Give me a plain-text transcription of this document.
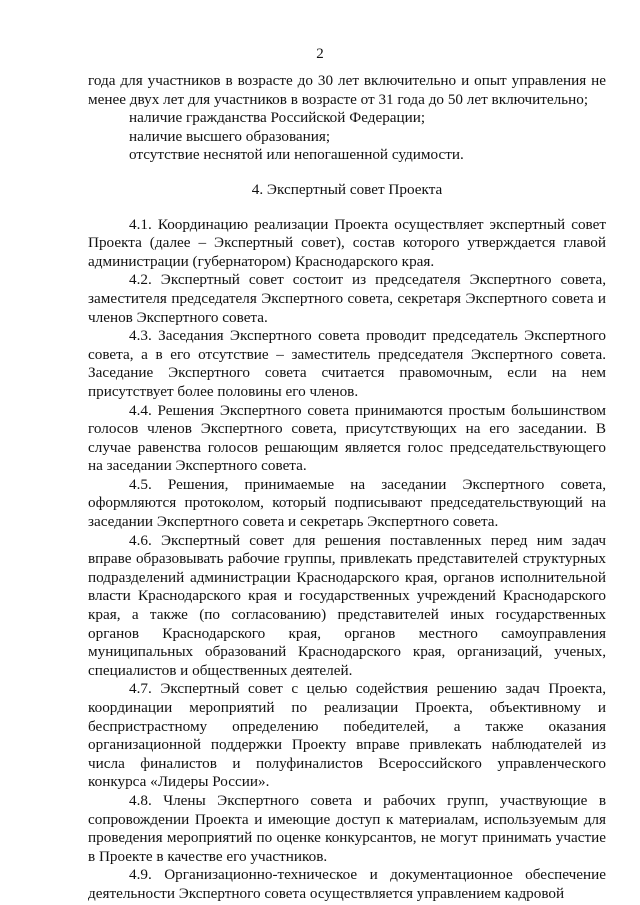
2

года для участников в возрасте до 30 лет включительно и опыт управления не менее двух лет для участников в возрасте от 31 года до 50 лет включительно;

наличие гражданства Российской Федерации;

наличие высшего образования;

отсутствие неснятой или непогашенной судимости.

4. Экспертный совет Проекта

4.1. Координацию реализации Проекта осуществляет экспертный совет Проекта (далее – Экспертный совет), состав которого утверждается главой администрации (губернатором) Краснодарского края.

4.2. Экспертный совет состоит из председателя Экспертного совета, заместителя председателя Экспертного совета, секретаря Экспертного совета и членов Экспертного совета.

4.3. Заседания Экспертного совета проводит председатель Экспертного совета, а в его отсутствие – заместитель председателя Экспертного совета. Заседание Экспертного совета считается правомочным, если на нем присутствует более половины его членов.

4.4. Решения Экспертного совета принимаются простым большинством голосов членов Экспертного совета, присутствующих на его заседании. В случае равенства голосов решающим является голос председательствующего на заседании Экспертного совета.

4.5. Решения, принимаемые на заседании Экспертного совета, оформляются протоколом, который подписывают председательствующий на заседании Экспертного совета и секретарь Экспертного совета.

4.6. Экспертный совет для решения поставленных перед ним задач вправе образовывать рабочие группы, привлекать представителей структурных подразделений администрации Краснодарского края, органов исполнительной власти Краснодарского края и государственных учреждений Краснодарского края, а также (по согласованию) представителей иных государственных органов Краснодарского края, органов местного самоуправления муниципальных образований Краснодарского края, организаций, ученых, специалистов и общественных деятелей.

4.7. Экспертный совет с целью содействия решению задач Проекта, координации мероприятий по реализации Проекта, объективному и беспристрастному определению победителей, а также оказания организационной поддержки Проекту вправе привлекать наблюдателей из числа финалистов и полуфиналистов Всероссийского управленческого конкурса «Лидеры России».

4.8. Члены Экспертного совета и рабочих групп, участвующие в сопровождении Проекта и имеющие доступ к материалам, используемым для проведения мероприятий по оценке конкурсантов, не могут принимать участие в Проекте в качестве его участников.

4.9. Организационно-техническое и документационное обеспечение деятельности Экспертного совета осуществляется управлением кадровой
